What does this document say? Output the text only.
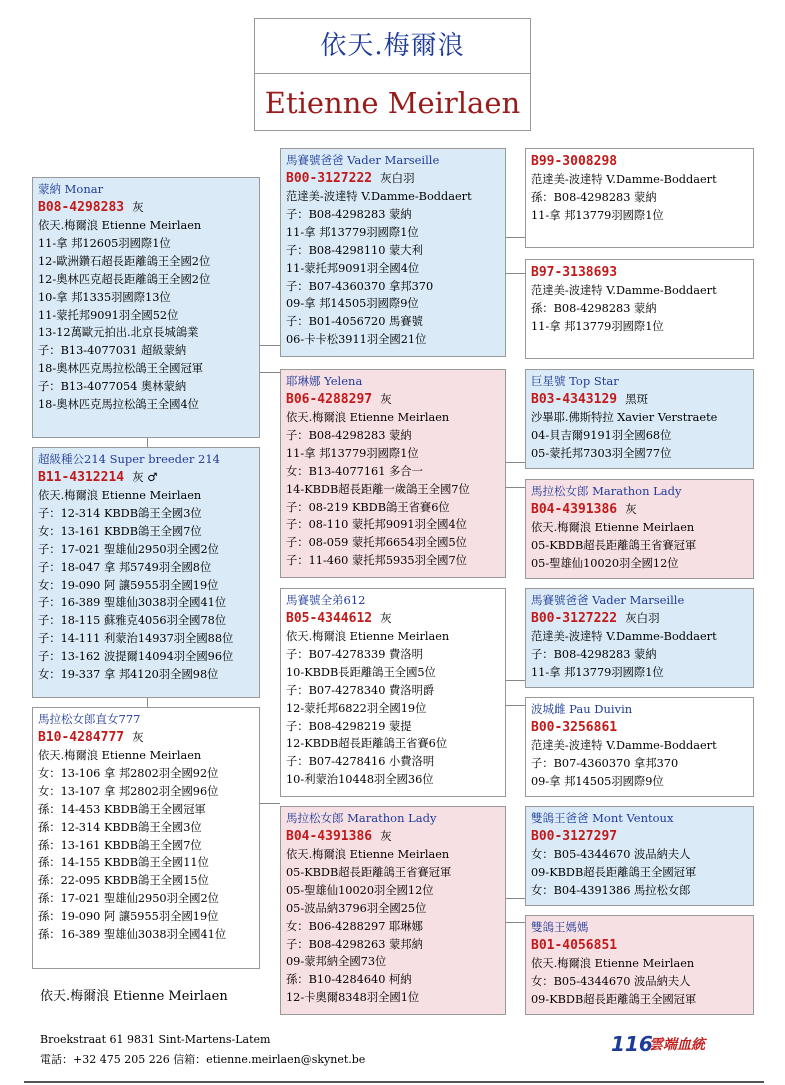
依天.梅爾浪
Etienne Meirlaen
蒙納 Monar
B08-4298283 灰
依天.梅爾浪 Etienne Meirlaen
11-拿 邦12605羽國際1位
12-歐洲鑽石超長距離鴿王全國2位
12-奧林匹克超長距離鴿王全國2位
10-拿 邦1335羽國際13位
11-蒙托邦9091羽全國52位
13-12萬歐元拍出.北京長城鴿業
子：B13-4077031 超級蒙納
18-奧林匹克馬拉松鴿王全國冠軍
子：B13-4077054 奧林蒙納
18-奧林匹克馬拉松鴿王全國4位
超級種公214 Super breeder 214
B11-4312214 灰 ♂
依天.梅爾浪 Etienne Meirlaen
子：12-314 KBDB鴿王全國3位
女：13-161 KBDB鴿王全國7位
子：17-021 聖雄仙2950羽全國2位
子：18-047 拿 邦5749羽全國8位
女：19-090 阿 讓5955羽全國19位
子：16-389 聖雄仙3038羽全國41位
子：18-115 蘇雅克4056羽全國78位
子：14-111 利蒙治14937羽全國88位
子：13-162 波提爾14094羽全國96位
女：19-337 拿 邦4120羽全國98位
馬拉松女郎直女777
B10-4284777 灰
依天.梅爾浪 Etienne Meirlaen
女：13-106 拿 邦2802羽全國92位
女：13-107 拿 邦2802羽全國96位
孫：14-453 KBDB鴿王全國冠軍
孫：12-314 KBDB鴿王全國3位
孫：13-161 KBDB鴿王全國7位
孫：14-155 KBDB鴿王全國11位
孫：22-095 KBDB鴿王全國15位
孫：17-021 聖雄仙2950羽全國2位
孫：19-090 阿 讓5955羽全國19位
孫：16-389 聖雄仙3038羽全國41位
馬賽號爸爸 Vader Marseille
B00-3127222 灰白羽
范達美-波達特 V.Damme-Boddaert
子：B08-4298283 蒙納
11-拿 邦13779羽國際1位
子：B08-4298110 蒙大利
11-蒙托邦9091羽全國4位
子：B07-4360370 拿邦370
09-拿 邦14505羽國際9位
子：B01-4056720 馬賽號
06-卡卡松3911羽全國21位
耶琳娜 Yelena
B06-4288297 灰
依天.梅爾浪 Etienne Meirlaen
子：B08-4298283 蒙納
11-拿 邦13779羽國際1位
女：B13-4077161 多合一
14-KBDB超長距離一歲鴿王全國7位
子：08-219 KBDB鴿王省賽6位
子：08-110 蒙托邦9091羽全國4位
子：08-059 蒙托邦6654羽全國5位
子：11-460 蒙托邦5935羽全國7位
馬賽號全弟612
B05-4344612 灰
依天.梅爾浪 Etienne Meirlaen
子：B07-4278339 費洛明
10-KBDB長距離鴿王全國5位
子：B07-4278340 費洛明爵
12-蒙托邦6822羽全國19位
子：B08-4298219 蒙提
12-KBDB超長距離鴿王省賽6位
子：B07-4278416 小費洛明
10-利蒙治10448羽全國36位
馬拉松女郎 Marathon Lady
B04-4391386 灰
依天.梅爾浪 Etienne Meirlaen
05-KBDB超長距離鴿王省賽冠軍
05-聖雄仙10020羽全國12位
05-波品納3796羽全國25位
女：B06-4288297 耶琳娜
子：B08-4298263 蒙邦納
09-蒙邦納全國73位
孫：B10-4284640 柯納
12-卡奧爾8348羽全國1位
B99-3008298
范達美-波達特 V.Damme-Boddaert
孫：B08-4298283 蒙納
11-拿 邦13779羽國際1位
B97-3138693
范達美-波達特 V.Damme-Boddaert
孫：B08-4298283 蒙納
11-拿 邦13779羽國際1位
巨星號 Top Star
B03-4343129 黑斑
沙畢耶.佛斯特拉 Xavier Verstraete
04-貝吉爾9191羽全國68位
05-蒙托邦7303羽全國77位
馬拉松女郎 Marathon Lady
B04-4391386 灰
依天.梅爾浪 Etienne Meirlaen
05-KBDB超長距離鴿王省賽冠軍
05-聖雄仙10020羽全國12位
馬賽號爸爸 Vader Marseille
B00-3127222 灰白羽
范達美-波達特 V.Damme-Boddaert
子：B08-4298283 蒙納
11-拿 邦13779羽國際1位
波城雌 Pau Duivin
B00-3256861
范達美-波達特 V.Damme-Boddaert
子：B07-4360370 拿邦370
09-拿 邦14505羽國際9位
雙鴿王爸爸 Mont Ventoux
B00-3127297
女：B05-4344670 波品納夫人
09-KBDB超長距離鴿王全國冠軍
女：B04-4391386 馬拉松女郎
雙鴿王媽媽
B01-4056851
依天.梅爾浪 Etienne Meirlaen
女：B05-4344670 波品納夫人
09-KBDB超長距離鴿王全國冠軍
依天.梅爾浪 Etienne Meirlaen
Broekstraat 61 9831 Sint-Martens-Latem
電話：+32 475 205 226 信箱：etienne.meirlaen@skynet.be
116
雲端血統
